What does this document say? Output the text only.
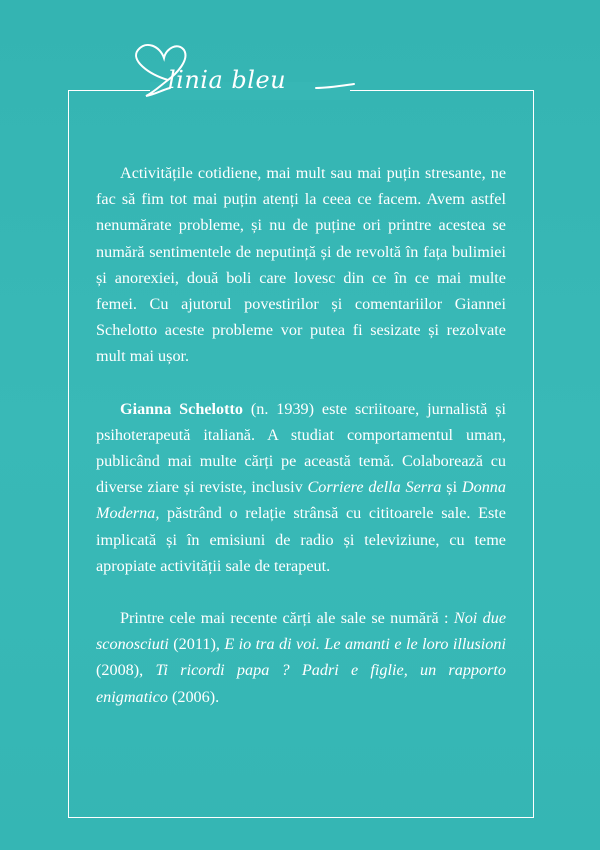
linia bleu

Activitățile cotidiene, mai mult sau mai puțin stresante, ne fac să fim tot mai puțin atenți la ceea ce facem. Avem astfel nenumărate probleme, și nu de puține ori printre acestea se numără sentimentele de neputință și de revoltă în fața bulimiei și anorexiei, două boli care lovesc din ce în ce mai multe femei. Cu ajutorul povestirilor și comentariilor Giannei Schelotto aceste probleme vor putea fi sesizate și rezolvate mult mai ușor.

Gianna Schelotto (n. 1939) este scriitoare, jurnalistă și psihoterapeută italiană. A studiat comportamentul uman, publicând mai multe cărți pe această temă. Colaborează cu diverse ziare și reviste, inclusiv Corriere della Serra și Donna Moderna, păstrând o relație strânsă cu cititoarele sale. Este implicată și în emisiuni de radio și televiziune, cu teme apropiate activității sale de terapeut.

Printre cele mai recente cărți ale sale se numără : Noi due sconosciuti (2011), E io tra di voi. Le amanti e le loro illusioni (2008), Ti ricordi papa ? Padri e figlie, un rapporto enigmatico (2006).
